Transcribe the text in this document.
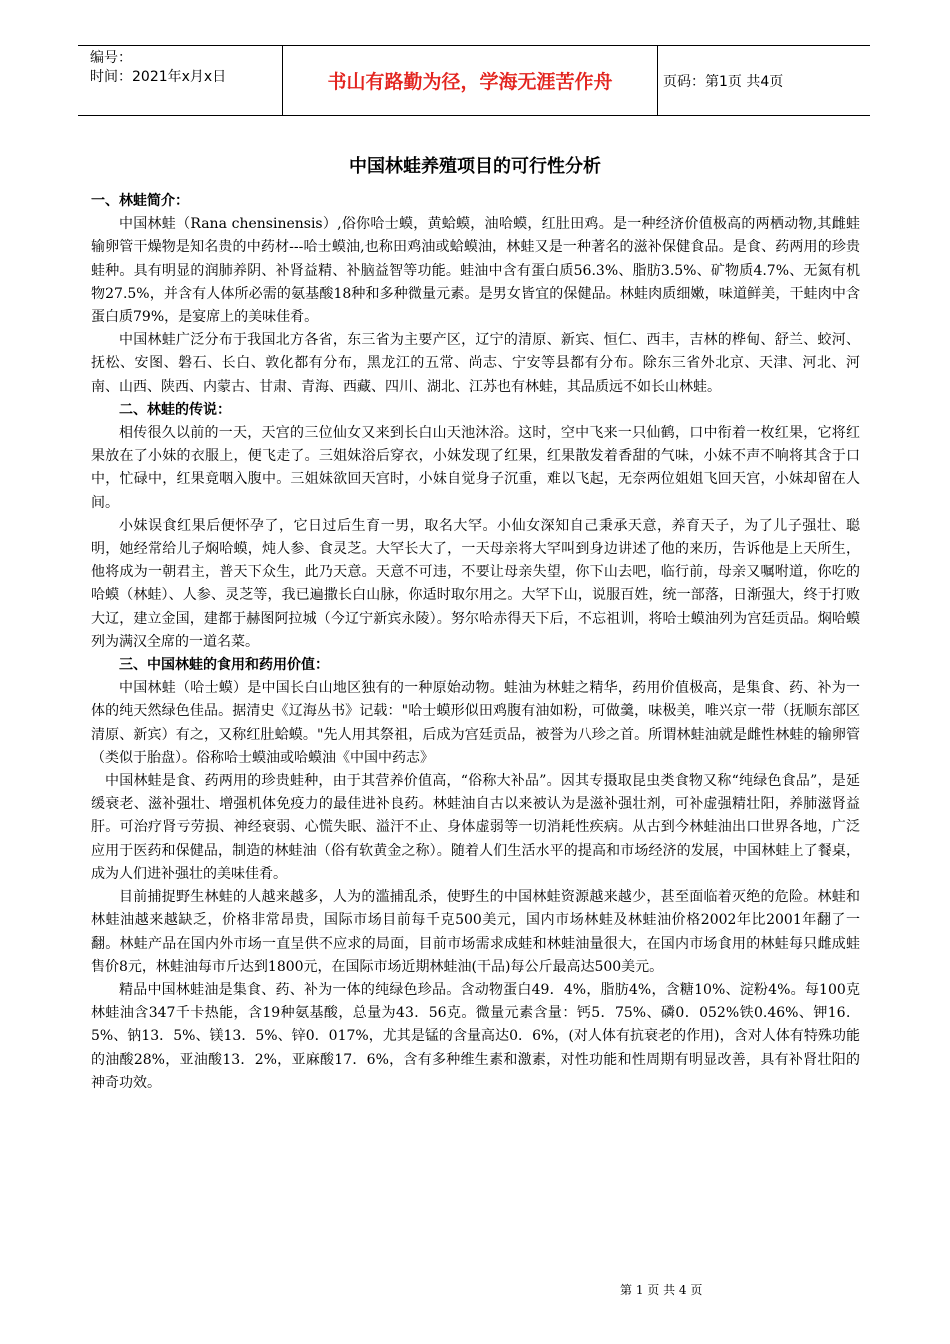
编号：
时间：2021年x月x日	书山有路勤为径，学海无涯苦作舟	页码：第1页 共4页
中国林蛙养殖项目的可行性分析
一、林蛙简介：

中国林蛙（Rana chensinensis）,俗你哈士蟆，黄蛤蟆，油哈蟆，红肚田鸡。是一种经济价值极高的两栖动物,其雌蛙输卵管干燥物是知名贵的中药材---哈士蟆油,也称田鸡油或蛤蟆油，林蛙又是一种著名的滋补保健食品。是食、药两用的珍贵蛙种。具有明显的润肺养阴、补肾益精、补脑益智等功能。蛙油中含有蛋白质56.3%、脂肪3.5%、矿物质4.7%、无氮有机物27.5%，并含有人体所必需的氨基酸18种和多种微量元素。是男女皆宜的保健品。林蛙肉质细嫩，味道鲜美，干蛙肉中含蛋白质79%，是宴席上的美味佳肴。

中国林蛙广泛分布于我国北方各省，东三省为主要产区，辽宁的清原、新宾、恒仁、西丰，吉林的桦甸、舒兰、蛟河、抚松、安图、磐石、长白、敦化都有分布，黑龙江的五常、尚志、宁安等县都有分布。除东三省外北京、天津、河北、河南、山西、陕西、内蒙古、甘肃、青海、西藏、四川、湖北、江苏也有林蛙，其品质远不如长山林蛙。

二、林蛙的传说：

相传很久以前的一天，天宫的三位仙女又来到长白山天池沐浴。这时，空中飞来一只仙鹤，口中衔着一枚红果，它将红果放在了小妹的衣服上，便飞走了。三姐妹浴后穿衣，小妹发现了红果，红果散发着香甜的气味，小妹不声不响将其含于口中，忙碌中，红果竟咽入腹中。三姐妹欲回天宫时，小妹自觉身子沉重，难以飞起，无奈两位姐姐飞回天宫，小妹却留在人间。

小妹误食红果后便怀孕了，它日过后生育一男，取名大罕。小仙女深知自己秉承天意，养育天子，为了儿子强壮、聪明，她经常给儿子焖哈蟆，炖人参、食灵芝。大罕长大了，一天母亲将大罕叫到身边讲述了他的来历，告诉他是上天所生，他将成为一朝君主，普天下众生，此乃天意。天意不可违，不要让母亲失望，你下山去吧，临行前，母亲又嘱咐道，你吃的哈蟆（林蛙）、人参、灵芝等，我已遍撒长白山脉，你适时取尔用之。大罕下山，说服百姓，统一部落，日渐强大，终于打败大辽，建立金国，建都于赫图阿拉城（今辽宁新宾永陵）。努尔哈赤得天下后，不忘祖训，将哈士蟆油列为宫廷贡品。焖哈蟆列为满汉全席的一道名菜。

三、中国林蛙的食用和药用价值：

中国林蛙（哈士蟆）是中国长白山地区独有的一种原始动物。蛙油为林蛙之精华，药用价值极高，是集食、药、补为一体的纯天然绿色佳品。据清史《辽海丛书》记载："哈士蟆形似田鸡腹有油如粉，可做羹，味极美，唯兴京一带（抚顺东部区清原、新宾）有之，又称红肚蛤蟆。"先人用其祭祖，后成为宫廷贡品，被誉为八珍之首。所谓林蛙油就是雌性林蛙的输卵管（类似于胎盘）。俗称哈士蟆油或哈蟆油《中国中药志》

中国林蛙是食、药两用的珍贵蛙种，由于其营养价值高，“俗称大补品”。因其专摄取昆虫类食物又称“纯绿色食品”，是延缓衰老、滋补强壮、增强机体免疫力的最佳进补良药。林蛙油自古以来被认为是滋补强壮剂，可补虚强精壮阳，养肺滋肾益肝。可治疗肾亏劳损、神经衰弱、心慌失眠、溢汗不止、身体虚弱等一切消耗性疾病。从古到今林蛙油出口世界各地，广泛应用于医药和保健品，制造的林蛙油（俗有软黄金之称）。随着人们生活水平的提高和市场经济的发展，中国林蛙上了餐桌，成为人们进补强壮的美味佳肴。

目前捕捉野生林蛙的人越来越多，人为的滥捕乱杀，使野生的中国林蛙资源越来越少，甚至面临着灭绝的危险。林蛙和林蛙油越来越缺乏，价格非常昂贵，国际市场目前每千克500美元，国内市场林蛙及林蛙油价格2002年比2001年翻了一翻。林蛙产品在国内外市场一直呈供不应求的局面，目前市场需求成蛙和林蛙油量很大，在国内市场食用的林蛙每只雌成蛙售价8元，林蛙油每市斤达到1800元，在国际市场近期林蛙油(干品)每公斤最高达500美元。

精品中国林蛙油是集食、药、补为一体的纯绿色珍品。含动物蛋白49．4%，脂肪4%，含糖10%、淀粉4%。每100克林蛙油含347千卡热能，含19种氨基酸，总量为43．56克。微量元素含量：钙5．75%、磷0．052%铁0.46%、钾16．5%、钠13．5%、镁13．5%、锌0．017%，尤其是锰的含量高达0．6%，(对人体有抗衰老的作用)，含对人体有特殊功能的油酸28%，亚油酸13．2%，亚麻酸17．6%，含有多种维生素和激素，对性功能和性周期有明显改善，具有补肾壮阳的神奇功效。

第 1 页 共 4 页
